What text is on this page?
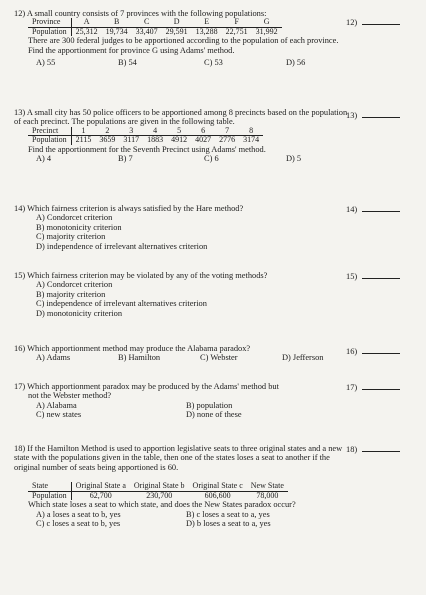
12) A small country consists of 7 provinces with the following populations:

Province	A	B	C	D	E	F	G
Population	25,312	19,734	33,407	29,591	13,288	22,751	31,992

There are 300 federal judges to be apportioned according to the population of each province. Find the apportionment for province G using Adams' method.

A) 55	B) 54	C) 53	D) 56
12)

13) A small city has 50 police officers to be apportioned among 8 precincts based on the population of each precinct. The populations are given in the following table.

Precinct	1	2	3	4	5	6	7	8
Population	2115	3659	3117	1883	4912	4027	2776	3174

Find the apportionment for the Seventh Precinct using Adams' method.

A) 4	B) 7	C) 6	D) 5
13)

14) Which fairness criterion is always satisfied by the Hare method?

A) Condorcet criterion

B) monotonicity criterion

C) majority criterion

D) independence of irrelevant alternatives criterion

14)

15) Which fairness criterion may be violated by any of the voting methods?

A) Condorcet criterion

B) majority criterion

C) independence of irrelevant alternatives criterion

D) monotonicity criterion

15)

16) Which apportionment method may produce the Alabama paradox?

A) Adams	B) Hamilton	C) Webster	D) Jefferson
16)

17) Which apportionment paradox may be produced by the Adams' method but

not the Webster method?

A) Alabama	B) population

C) new states	D) none of these

17)

18) If the Hamilton Method is used to apportion legislative seats to three original states and a new state with the populations given in the table, then one of the states loses a seat to another if the original number of seats being apportioned is 60.

State	Original State a	Original State b	Original State c	New State
Population	62,700	230,700	606,600	78,000

Which state loses a seat to which state, and does the New States paradox occur?

A) a loses a seat to b, yes	B) c loses a seat to a, yes

C) c loses a seat to b, yes	D) b loses a seat to a, yes

18)
